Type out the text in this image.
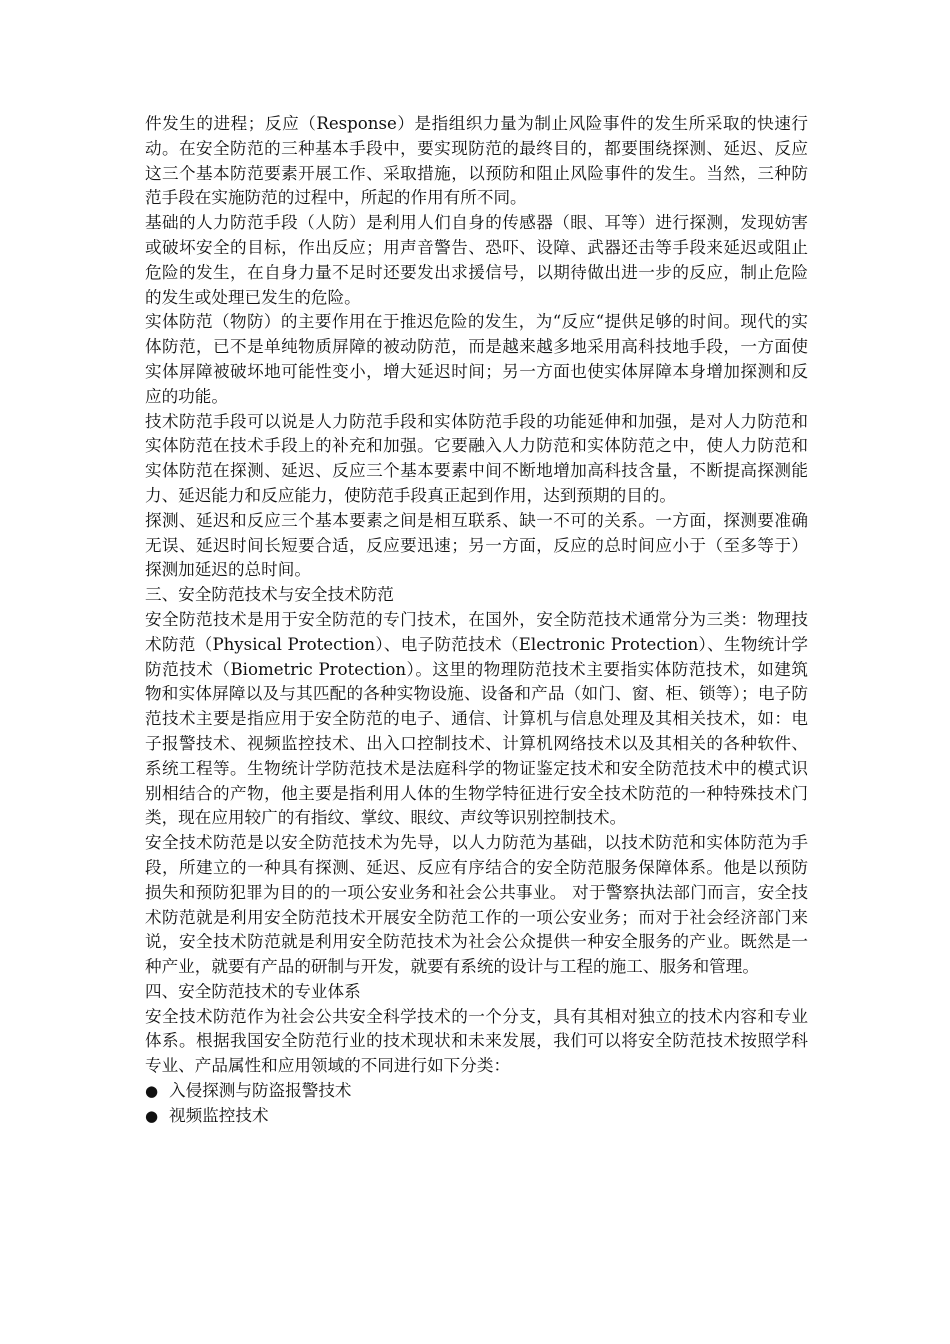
件发生的进程；反应（Response）是指组织力量为制止风险事件的发生所采取的快速行动。在安全防范的三种基本手段中，要实现防范的最终目的，都要围绕探测、延迟、反应这三个基本防范要素开展工作、采取措施，以预防和阻止风险事件的发生。当然，三种防范手段在实施防范的过程中，所起的作用有所不同。

基础的人力防范手段（人防）是利用人们自身的传感器（眼、耳等）进行探测，发现妨害或破坏安全的目标，作出反应；用声音警告、恐吓、设障、武器还击等手段来延迟或阻止危险的发生，在自身力量不足时还要发出求援信号，以期待做出进一步的反应，制止危险的发生或处理已发生的危险。

实体防范（物防）的主要作用在于推迟危险的发生，为“反应“提供足够的时间。现代的实体防范，已不是单纯物质屏障的被动防范，而是越来越多地采用高科技地手段，一方面使实体屏障被破坏地可能性变小，增大延迟时间；另一方面也使实体屏障本身增加探测和反应的功能。

技术防范手段可以说是人力防范手段和实体防范手段的功能延伸和加强，是对人力防范和实体防范在技术手段上的补充和加强。它要融入人力防范和实体防范之中，使人力防范和实体防范在探测、延迟、反应三个基本要素中间不断地增加高科技含量，不断提高探测能力、延迟能力和反应能力，使防范手段真正起到作用，达到预期的目的。

探测、延迟和反应三个基本要素之间是相互联系、缺一不可的关系。一方面，探测要准确无误、延迟时间长短要合适，反应要迅速；另一方面，反应的总时间应小于（至多等于）探测加延迟的总时间。

三、安全防范技术与安全技术防范

安全防范技术是用于安全防范的专门技术，在国外，安全防范技术通常分为三类：物理技术防范（Physical Protection）、电子防范技术（Electronic Protection）、生物统计学防范技术（Biometric Protection）。这里的物理防范技术主要指实体防范技术，如建筑物和实体屏障以及与其匹配的各种实物设施、设备和产品（如门、窗、柜、锁等）；电子防范技术主要是指应用于安全防范的电子、通信、计算机与信息处理及其相关技术，如：电子报警技术、视频监控技术、出入口控制技术、计算机网络技术以及其相关的各种软件、系统工程等。生物统计学防范技术是法庭科学的物证鉴定技术和安全防范技术中的模式识别相结合的产物，他主要是指利用人体的生物学特征进行安全技术防范的一种特殊技术门类，现在应用较广的有指纹、掌纹、眼纹、声纹等识别控制技术。

安全技术防范是以安全防范技术为先导，以人力防范为基础，以技术防范和实体防范为手段，所建立的一种具有探测、延迟、反应有序结合的安全防范服务保障体系。他是以预防损失和预防犯罪为目的的一项公安业务和社会公共事业。 对于警察执法部门而言，安全技术防范就是利用安全防范技术开展安全防范工作的一项公安业务；而对于社会经济部门来说，安全技术防范就是利用安全防范技术为社会公众提供一种安全服务的产业。既然是一种产业，就要有产品的研制与开发，就要有系统的设计与工程的施工、服务和管理。

四、安全防范技术的专业体系

安全技术防范作为社会公共安全科学技术的一个分支，具有其相对独立的技术内容和专业体系。根据我国安全防范行业的技术现状和未来发展，我们可以将安全防范技术按照学科专业、产品属性和应用领域的不同进行如下分类：

● 入侵探测与防盗报警技术
● 视频监控技术
